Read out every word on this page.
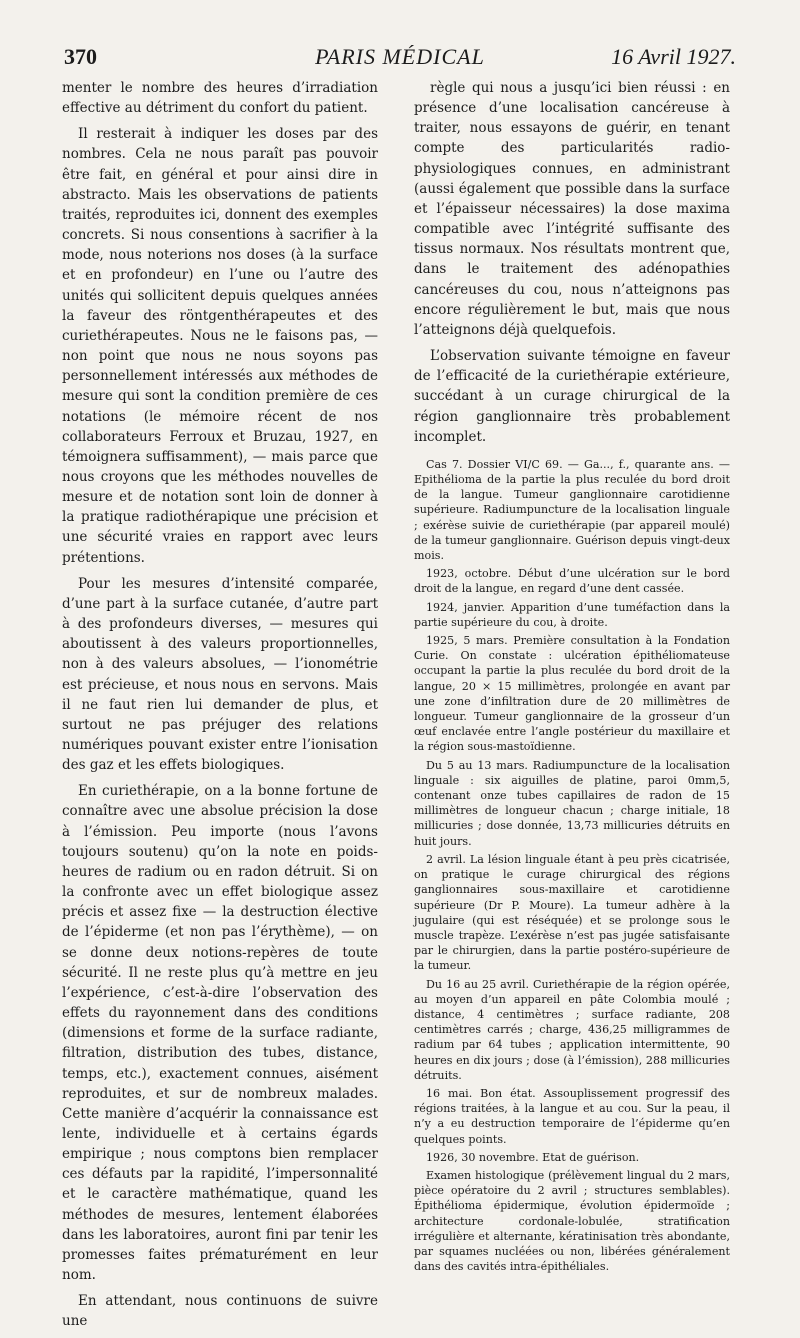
370	PARIS MÉDICAL	16 Avril 1927.

menter le nombre des heures d’irradiation effective au détriment du confort du patient.

Il resterait à indiquer les doses par des nombres. Cela ne nous paraît pas pouvoir être fait, en général et pour ainsi dire in abstracto. Mais les observations de patients traités, reproduites ici, donnent des exemples concrets. Si nous consentions à sacrifier à la mode, nous noterions nos doses (à la surface et en profondeur) en l’une ou l’autre des unités qui sollicitent depuis quelques années la faveur des röntgenthérapeutes et des curiethérapeutes. Nous ne le faisons pas, — non point que nous ne nous soyons pas personnellement intéressés aux méthodes de mesure qui sont la condition première de ces notations (le mémoire récent de nos collaborateurs Ferroux et Bruzau, 1927, en témoignera suffisamment), — mais parce que nous croyons que les méthodes nouvelles de mesure et de notation sont loin de donner à la pratique radiothérapique une précision et une sécurité vraies en rapport avec leurs prétentions.

Pour les mesures d’intensité comparée, d’une part à la surface cutanée, d’autre part à des profondeurs diverses, — mesures qui aboutissent à des valeurs proportionnelles, non à des valeurs absolues, — l’ionométrie est précieuse, et nous nous en servons. Mais il ne faut rien lui demander de plus, et surtout ne pas préjuger des relations numériques pouvant exister entre l’ionisation des gaz et les effets biologiques.

En curiethérapie, on a la bonne fortune de connaître avec une absolue précision la dose à l’émission. Peu importe (nous l’avons toujours soutenu) qu’on la note en poids-heures de radium ou en radon détruit. Si on la confronte avec un effet biologique assez précis et assez fixe — la destruction élective de l’épiderme (et non pas l’érythème), — on se donne deux notions-repères de toute sécurité. Il ne reste plus qu’à mettre en jeu l’expérience, c’est-à-dire l’observation des effets du rayonnement dans des conditions (dimensions et forme de la surface radiante, filtration, distribution des tubes, distance, temps, etc.), exactement connues, aisément reproduites, et sur de nombreux malades. Cette manière d’acquérir la connaissance est lente, individuelle et à certains égards empirique ; nous comptons bien remplacer ces défauts par la rapidité, l’impersonnalité et le caractère mathématique, quand les méthodes de mesures, lentement élaborées dans les laboratoires, auront fini par tenir les promesses faites prématurément en leur nom.

En attendant, nous continuons de suivre une

règle qui nous a jusqu’ici bien réussi : en présence d’une localisation cancéreuse à traiter, nous essayons de guérir, en tenant compte des particularités radio-physiologiques connues, en administrant (aussi également que possible dans la surface et l’épaisseur nécessaires) la dose maxima compatible avec l’intégrité suffisante des tissus normaux. Nos résultats montrent que, dans le traitement des adénopathies cancéreuses du cou, nous n’atteignons pas encore régulièrement le but, mais que nous l’atteignons déjà quelquefois.

L’observation suivante témoigne en faveur de l’efficacité de la curiethérapie extérieure, succédant à un curage chirurgical de la région ganglionnaire très probablement incomplet.

Cas 7. Dossier VI/C 69. — Ga..., f., quarante ans. — Epithélioma de la partie la plus reculée du bord droit de la langue. Tumeur ganglionnaire carotidienne supérieure. Radiumpuncture de la localisation linguale ; exérèse suivie de curiethérapie (par appareil moulé) de la tumeur ganglionnaire. Guérison depuis vingt-deux mois.

1923, octobre. Début d’une ulcération sur le bord droit de la langue, en regard d’une dent cassée.

1924, janvier. Apparition d’une tuméfaction dans la partie supérieure du cou, à droite.

1925, 5 mars. Première consultation à la Fondation Curie. On constate : ulcération épithéliomateuse occupant la partie la plus reculée du bord droit de la langue, 20 × 15 millimètres, prolongée en avant par une zone d’infiltration dure de 20 millimètres de longueur. Tumeur ganglionnaire de la grosseur d’un œuf enclavée entre l’angle postérieur du maxillaire et la région sous-mastoïdienne.

Du 5 au 13 mars. Radiumpuncture de la localisation linguale : six aiguilles de platine, paroi 0mm,5, contenant onze tubes capillaires de radon de 15 millimètres de longueur chacun ; charge initiale, 18 millicuries ; dose donnée, 13,73 millicuries détruits en huit jours.

2 avril. La lésion linguale étant à peu près cicatrisée, on pratique le curage chirurgical des régions ganglionnaires sous-maxillaire et carotidienne supérieure (Dr P. Moure). La tumeur adhère à la jugulaire (qui est réséquée) et se prolonge sous le muscle trapèze. L’exérèse n’est pas jugée satisfaisante par le chirurgien, dans la partie postéro-supérieure de la tumeur.

Du 16 au 25 avril. Curiethérapie de la région opérée, au moyen d’un appareil en pâte Colombia moulé ; distance, 4 centimètres ; surface radiante, 208 centimètres carrés ; charge, 436,25 milligrammes de radium par 64 tubes ; application intermittente, 90 heures en dix jours ; dose (à l’émission), 288 millicuries détruits.

16 mai. Bon état. Assouplissement progressif des régions traitées, à la langue et au cou. Sur la peau, il n’y a eu destruction temporaire de l’épiderme qu’en quelques points.

1926, 30 novembre. Etat de guérison.

Examen histologique (prélèvement lingual du 2 mars, pièce opératoire du 2 avril ; structures semblables). Épithélioma épidermique, évolution épidermoïde ; architecture cordonale-lobulée, stratification irrégulière et alternante, kératinisation très abondante, par squames nucléées ou non, libérées généralement dans des cavités intra-épithéliales.
